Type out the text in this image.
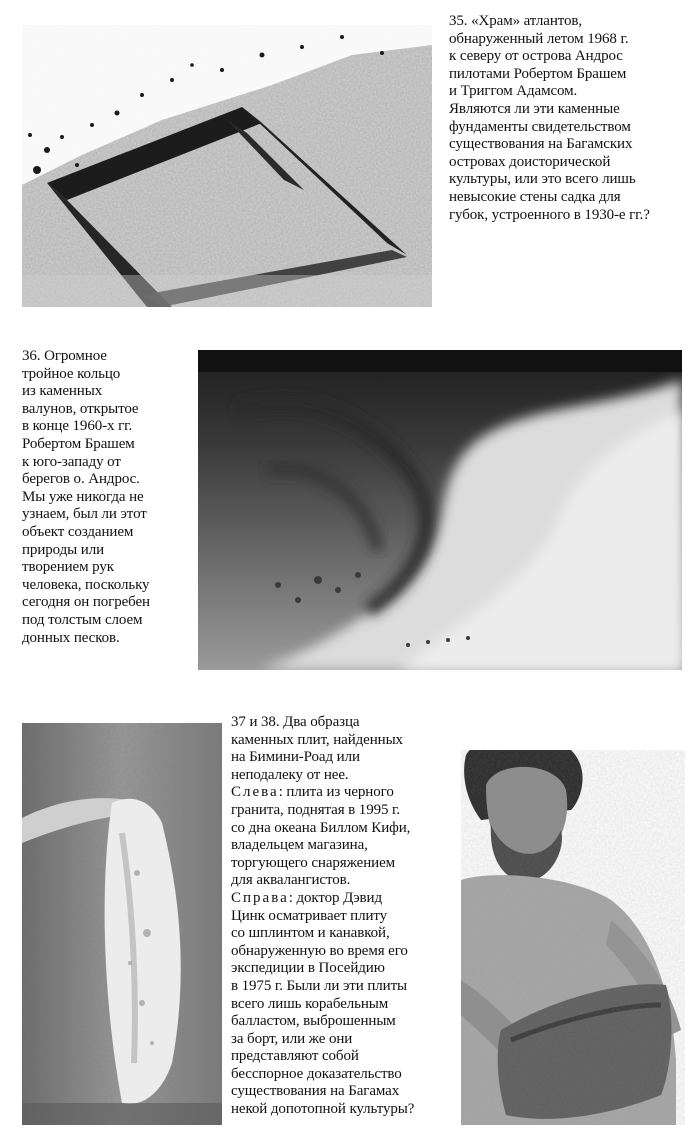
35. «Храм» атлантов,
обнаруженный летом 1968 г.
к северу от острова Андрос
пилотами Робертом Брашем
и Триггом Адамсом.
Являются ли эти каменные
фундаменты свидетельством
существования на Багамских
островах доисторической
культуры, или это всего лишь
невысокие стены садка для
губок, устроенного в 1930-е гг.?
36. Огромное
тройное кольцо
из каменных
валунов, открытое
в конце 1960-х гг.
Робертом Брашем
к юго-западу от
берегов о. Андрос.
Мы уже никогда не
узнаем, был ли этот
объект созданием
природы или
творением рук
человека, поскольку
сегодня он погребен
под толстым слоем
донных песков.
37 и 38. Два образца
каменных плит, найденных
на Бимини-Роад или
неподалеку от нее.
Слева: плита из черного
гранита, поднятая в 1995 г.
со дна океана Биллом Кифи,
владельцем магазина,
торгующего снаряжением
для аквалангистов.
Справа: доктор Дэвид
Цинк осматривает плиту
со шплинтом и канавкой,
обнаруженную во время его
экспедиции в Посейдию
в 1975 г. Были ли эти плиты
всего лишь корабельным
балластом, выброшенным
за борт, или же они
представляют собой
бесспорное доказательство
существования на Багамах
некой допотопной культуры?
